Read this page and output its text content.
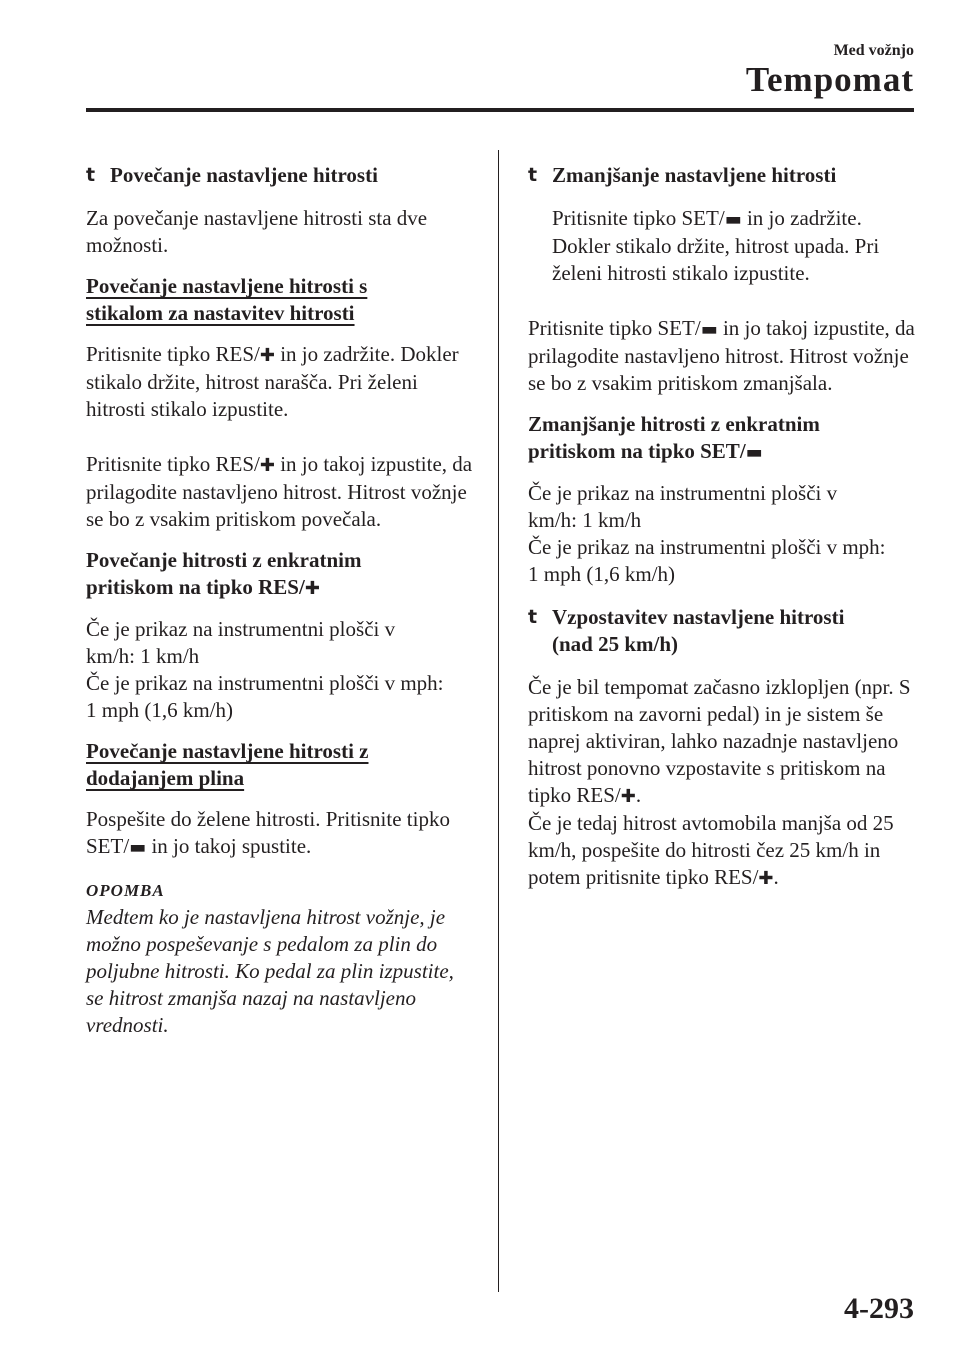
Med vožnjo
Tempomat
t Povečanje nastavljene hitrosti

Za povečanje nastavljene hitrosti sta dve možnosti.

Povečanje nastavljene hitrosti s
stikalom za nastavitev hitrosti

Pritisnite tipko RES/✚ in jo zadržite. Dokler stikalo držite, hitrost narašča. Pri želeni hitrosti stikalo izpustite.

Pritisnite tipko RES/✚ in jo takoj izpustite, da prilagodite nastavljeno hitrost. Hitrost vožnje se bo z vsakim pritiskom povečala.

Povečanje hitrosti z enkratnim
pritiskom na tipko RES/✚

Če je prikaz na instrumentni plošči v
km/h: 1 km/h
Če je prikaz na instrumentni plošči v mph:
1 mph (1,6 km/h)

Povečanje nastavljene hitrosti z
dodajanjem plina

Pospešite do želene hitrosti. Pritisnite tipko SET/▬ in jo takoj spustite.

OPOMBA

Medtem ko je nastavljena hitrost vožnje, je možno pospeševanje s pedalom za plin do poljubne hitrosti. Ko pedal za plin izpustite, se hitrost zmanjša nazaj na nastavljeno vrednosti.

t Zmanjšanje nastavljene hitrosti

Pritisnite tipko SET/▬ in jo zadržite. Dokler stikalo držite, hitrost upada. Pri želeni hitrosti stikalo izpustite.

Pritisnite tipko SET/▬ in jo takoj izpustite, da prilagodite nastavljeno hitrost. Hitrost vožnje se bo z vsakim pritiskom zmanjšala.

Zmanjšanje hitrosti z enkratnim
pritiskom na tipko SET/▬

Če je prikaz na instrumentni plošči v
km/h: 1 km/h
Če je prikaz na instrumentni plošči v mph:
1 mph (1,6 km/h)

t Vzpostavitev nastavljene hitrosti
(nad 25 km/h)

Če je bil tempomat začasno izklopljen (npr. S pritiskom na zavorni pedal) in je sistem še naprej aktiviran, lahko nazadnje nastavljeno hitrost ponovno vzpostavite s pritiskom na tipko RES/✚.
Če je tedaj hitrost avtomobila manjša od 25 km/h, pospešite do hitrosti čez 25 km/h in potem pritisnite tipko RES/✚.

4-293
